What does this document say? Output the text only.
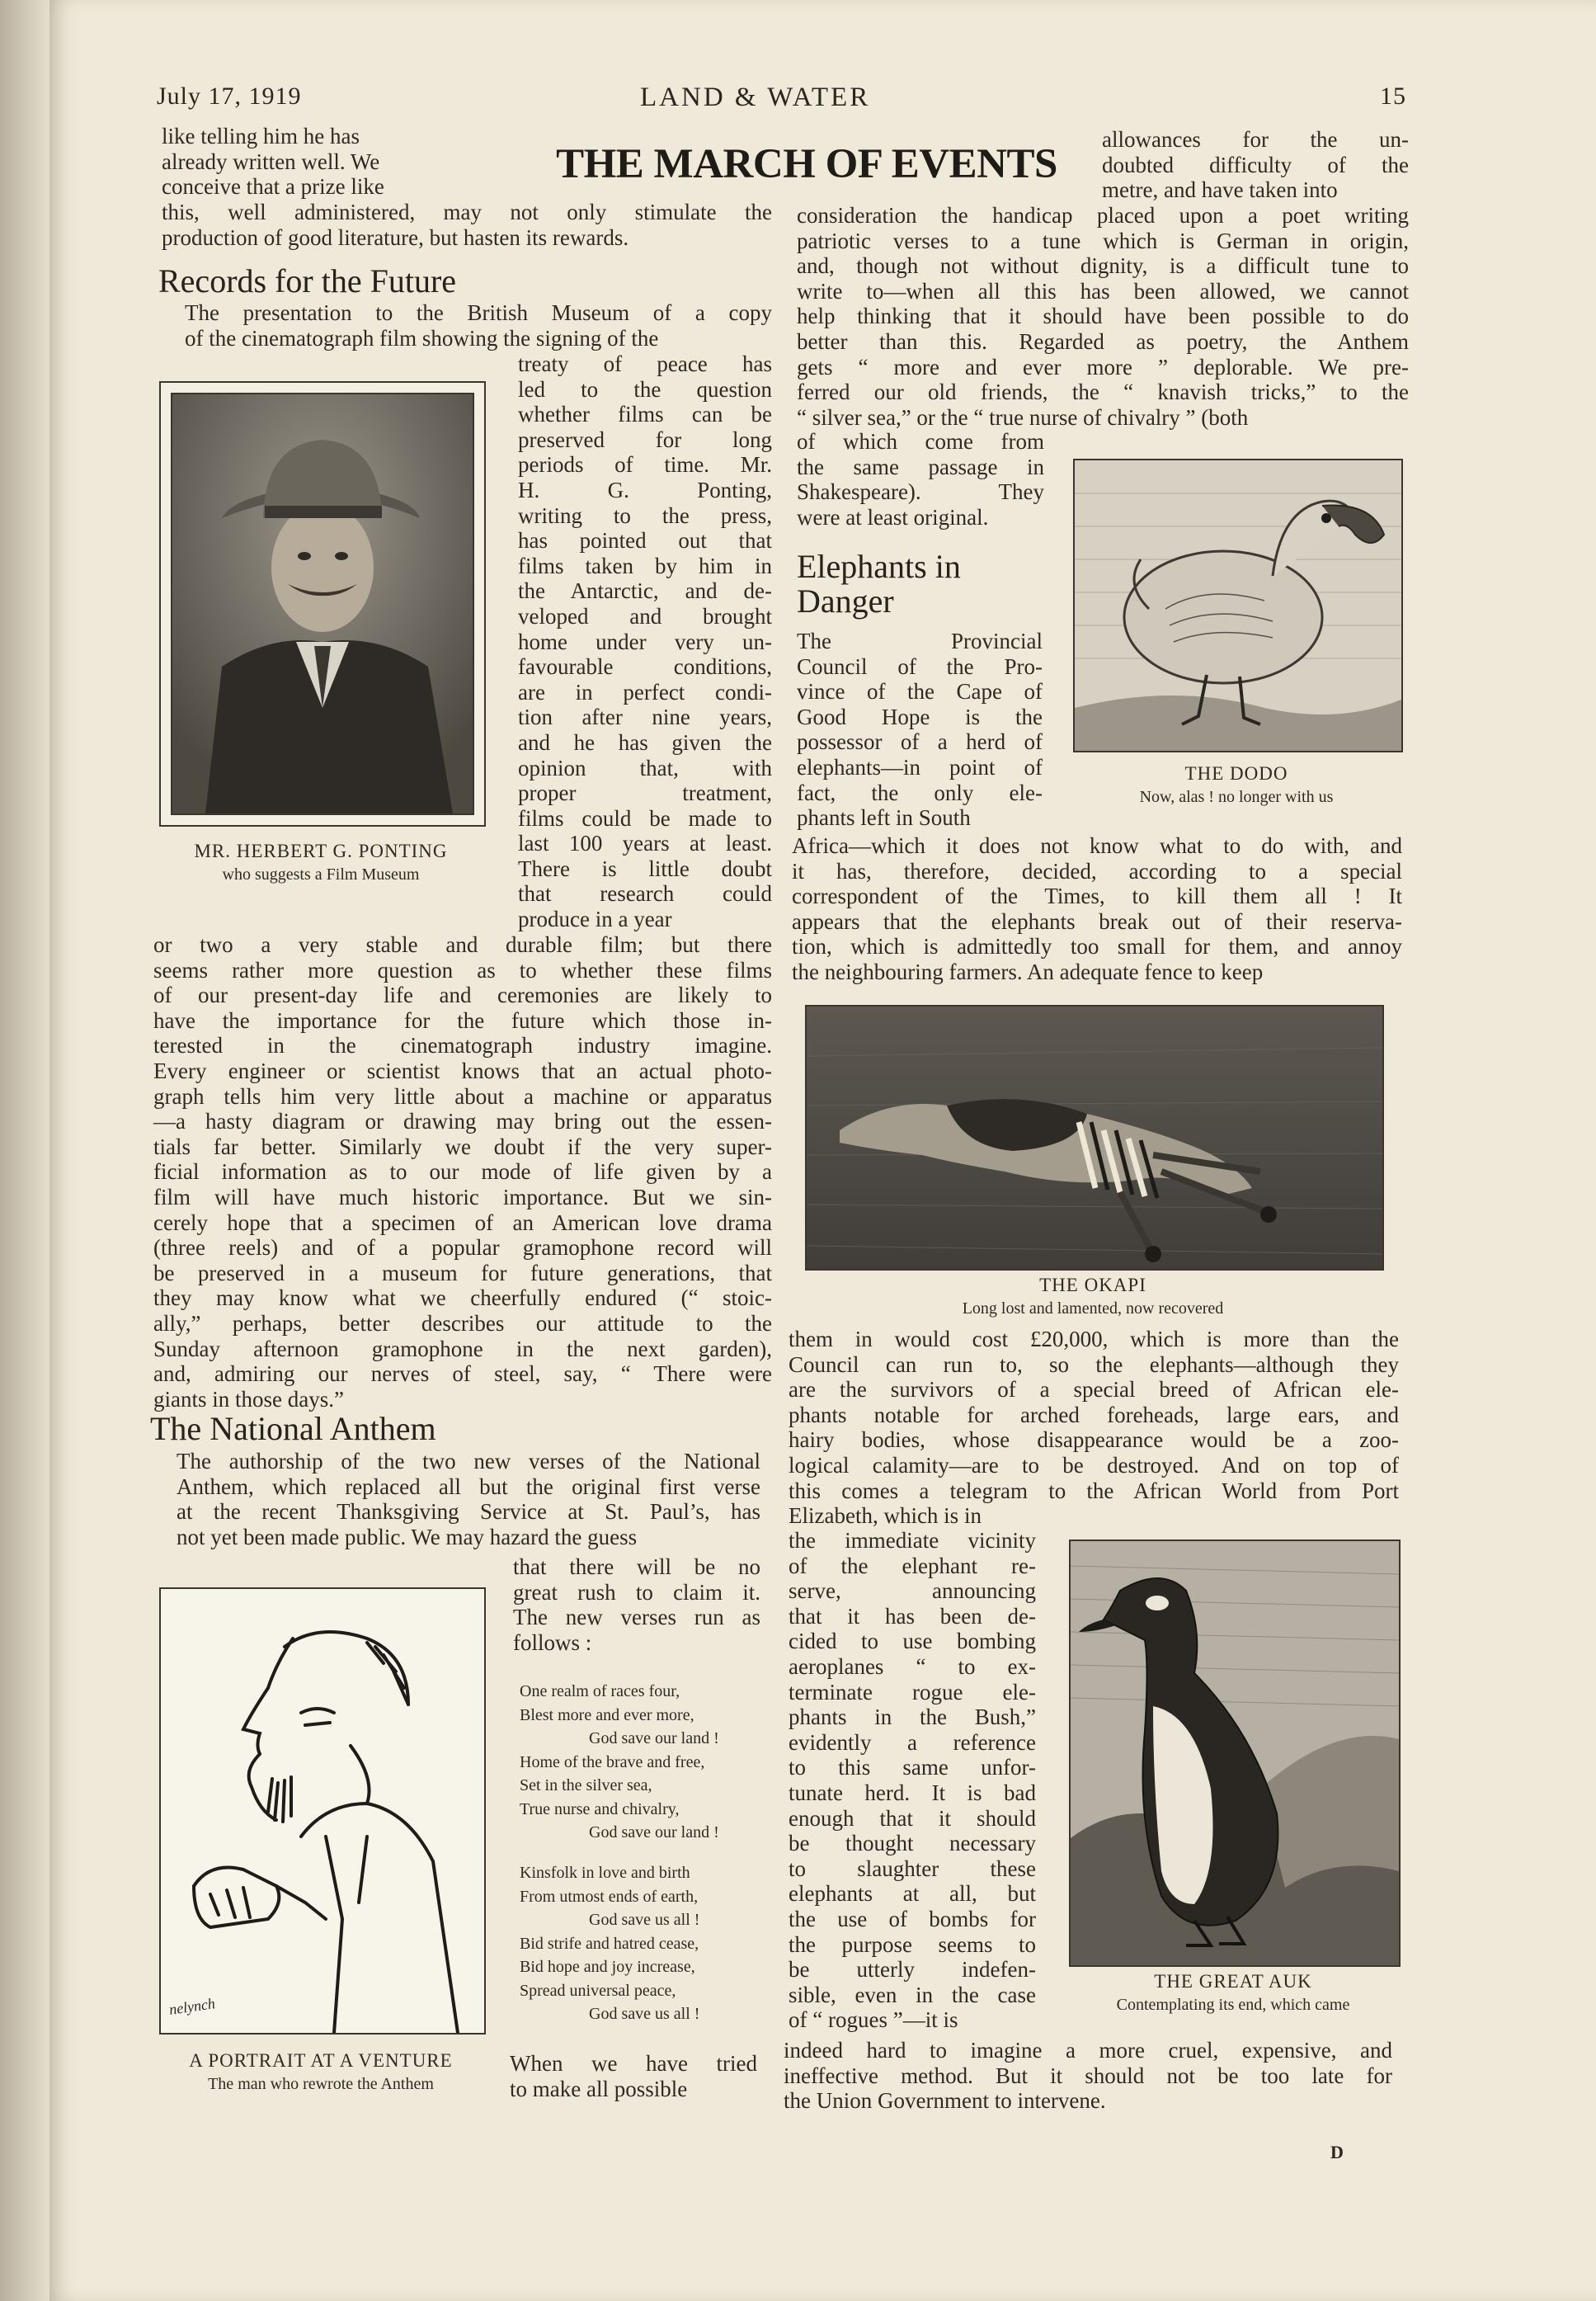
July 17, 1919	LAND & WATER	15
THE MARCH OF EVENTS
like telling him he has
already written well. We
conceive that a prize like
this, well administered, may not only stimulate the
production of good literature, but hasten its rewards.
Records for the Future
The presentation to the British Museum of a copy
of the cinematograph film showing the signing of the
MR. HERBERT G. PONTING
who suggests a Film Museum
treaty of peace has
led to the question
whether films can be
preserved for long
periods of time. Mr.
H. G. Ponting,
writing to the press,
has pointed out that
films taken by him in
the Antarctic, and de-
veloped and brought
home under very un-
favourable conditions,
are in perfect condi-
tion after nine years,
and he has given the
opinion that, with
proper treatment,
films could be made to
last 100 years at least.
There is little doubt
that research could
produce in a year
or two a very stable and durable film; but there
seems rather more question as to whether these films
of our present-day life and ceremonies are likely to
have the importance for the future which those in-
terested in the cinematograph industry imagine.
Every engineer or scientist knows that an actual photo-
graph tells him very little about a machine or apparatus
—a hasty diagram or drawing may bring out the essen-
tials far better. Similarly we doubt if the very super-
ficial information as to our mode of life given by a
film will have much historic importance. But we sin-
cerely hope that a specimen of an American love drama
(three reels) and of a popular gramophone record will
be preserved in a museum for future generations, that
they may know what we cheerfully endured (“ stoic-
ally,” perhaps, better describes our attitude to the
Sunday afternoon gramophone in the next garden),
and, admiring our nerves of steel, say, “ There were
giants in those days.”
The National Anthem
The authorship of the two new verses of the National
Anthem, which replaced all but the original first verse
at the recent Thanksgiving Service at St. Paul’s, has
not yet been made public. We may hazard the guess
that there will be no
great rush to claim it.
The new verses run as
follows :
nelynch
A PORTRAIT AT A VENTURE
The man who rewrote the Anthem
One realm of races four,
Blest more and ever more,
God save our land !
Home of the brave and free,
Set in the silver sea,
True nurse and chivalry,
God save our land !
Kinsfolk in love and birth
From utmost ends of earth,
God save us all !
Bid strife and hatred cease,
Bid hope and joy increase,
Spread universal peace,
God save us all !
When we have tried
to make all possible
allowances for the un-
doubted difficulty of the
metre, and have taken into
consideration the handicap placed upon a poet writing
patriotic verses to a tune which is German in origin,
and, though not without dignity, is a difficult tune to
write to—when all this has been allowed, we cannot
help thinking that it should have been possible to do
better than this. Regarded as poetry, the Anthem
gets “ more and ever more ” deplorable. We pre-
ferred our old friends, the “ knavish tricks,” to the
“ silver sea,” or the “ true nurse of chivalry ” (both
of which come from
the same passage in
Shakespeare). They
were at least original.
THE DODO
Now, alas ! no longer with us
Elephants in
Danger
The Provincial
Council of the Pro-
vince of the Cape of
Good Hope is the
possessor of a herd of
elephants—in point of
fact, the only ele-
phants left in South
Africa—which it does not know what to do with, and
it has, therefore, decided, according to a special
correspondent of the Times, to kill them all ! It
appears that the elephants break out of their reserva-
tion, which is admittedly too small for them, and annoy
the neighbouring farmers. An adequate fence to keep
THE OKAPI
Long lost and lamented, now recovered
them in would cost £20,000, which is more than the
Council can run to, so the elephants—although they
are the survivors of a special breed of African ele-
phants notable for arched foreheads, large ears, and
hairy bodies, whose disappearance would be a zoo-
logical calamity—are to be destroyed. And on top of
this comes a telegram to the African World from Port
Elizabeth, which is in
THE GREAT AUK
Contemplating its end, which came
the immediate vicinity
of the elephant re-
serve, announcing
that it has been de-
cided to use bombing
aeroplanes “ to ex-
terminate rogue ele-
phants in the Bush,”
evidently a reference
to this same unfor-
tunate herd. It is bad
enough that it should
be thought necessary
to slaughter these
elephants at all, but
the use of bombs for
the purpose seems to
be utterly indefen-
sible, even in the case
of “ rogues ”—it is
indeed hard to imagine a more cruel, expensive, and
ineffective method. But it should not be too late for
the Union Government to intervene.
D
